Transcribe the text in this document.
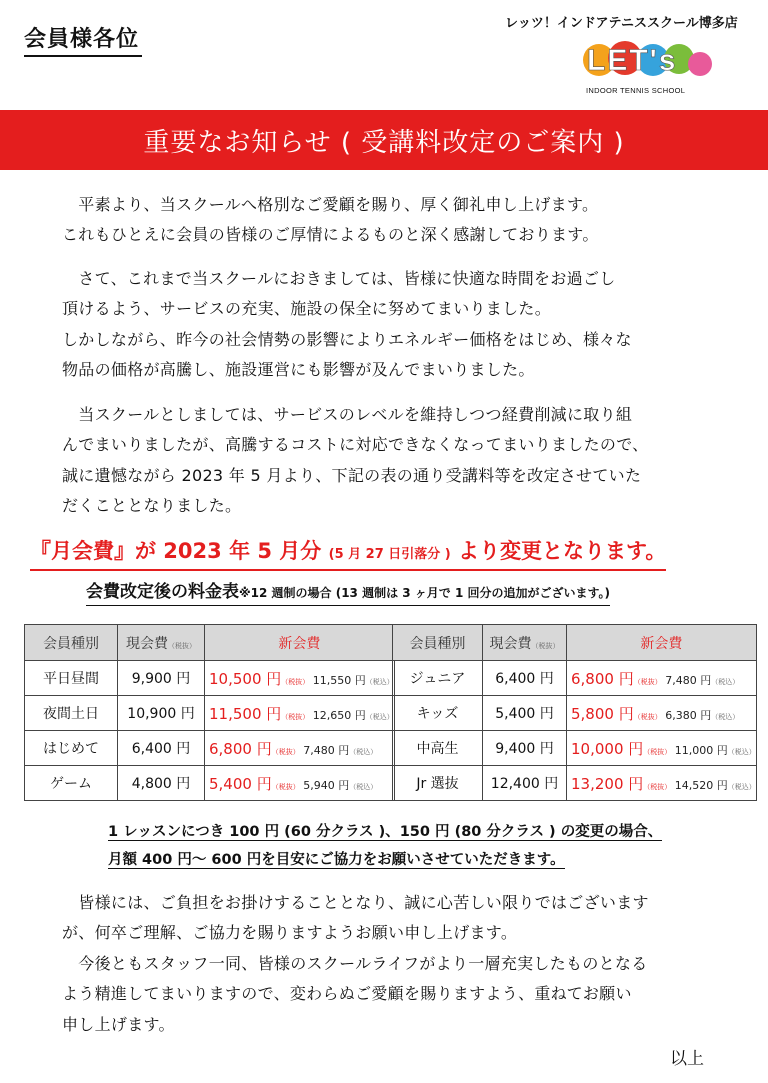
会員様各位
レッツ！インドアテニススクール博多店
LET's
INDOOR TENNIS SCHOOL
重要なお知らせ ( 受講料改定のご案内 )
　平素より、当スクールへ格別なご愛顧を賜り、厚く御礼申し上げます。
これもひとえに会員の皆様のご厚情によるものと深く感謝しております。
　さて、これまで当スクールにおきましては、皆様に快適な時間をお過ごし
頂けるよう、サービスの充実、施設の保全に努めてまいりました。
しかしながら、昨今の社会情勢の影響によりエネルギー価格をはじめ、様々な
物品の価格が高騰し、施設運営にも影響が及んでまいりました。
　当スクールとしましては、サービスのレベルを維持しつつ経費削減に取り組
んでまいりましたが、高騰するコストに対応できなくなってまいりましたので、
誠に遺憾ながら 2023 年 5 月より、下記の表の通り受講料等を改定させていた
だくこととなりました。
『月会費』が 2023 年 5 月分 (5 月 27 日引落分 ) より変更となります。
会費改定後の料金表※12 週制の場合 (13 週制は 3 ヶ月で 1 回分の追加がございます。)
会員種別	現会費（税抜）	新会費
平日昼間	9,900 円	10,500 円（税抜） 11,550 円（税込）
夜間土日	10,900 円	11,500 円（税抜） 12,650 円（税込）
はじめて	6,400 円	6,800 円（税抜） 7,480 円（税込）
ゲーム	4,800 円	5,400 円（税抜） 5,940 円（税込）
会員種別	現会費（税抜）	新会費
ジュニア	6,400 円	6,800 円（税抜） 7,480 円（税込）
キッズ	5,400 円	5,800 円（税抜） 6,380 円（税込）
中高生	9,400 円	10,000 円（税抜） 11,000 円（税込）
Jr 選抜	12,400 円	13,200 円（税抜） 14,520 円（税込）
1 レッスンにつき 100 円 (60 分クラス )、150 円 (80 分クラス ) の変更の場合、
月額 400 円～ 600 円を目安にご協力をお願いさせていただきます。
　皆様には、ご負担をお掛けすることとなり、誠に心苦しい限りではございます
が、何卒ご理解、ご協力を賜りますようお願い申し上げます。
　今後ともスタッフ一同、皆様のスクールライフがより一層充実したものとなる
よう精進してまいりますので、変わらぬご愛顧を賜りますよう、重ねてお願い
申し上げます。
以上
